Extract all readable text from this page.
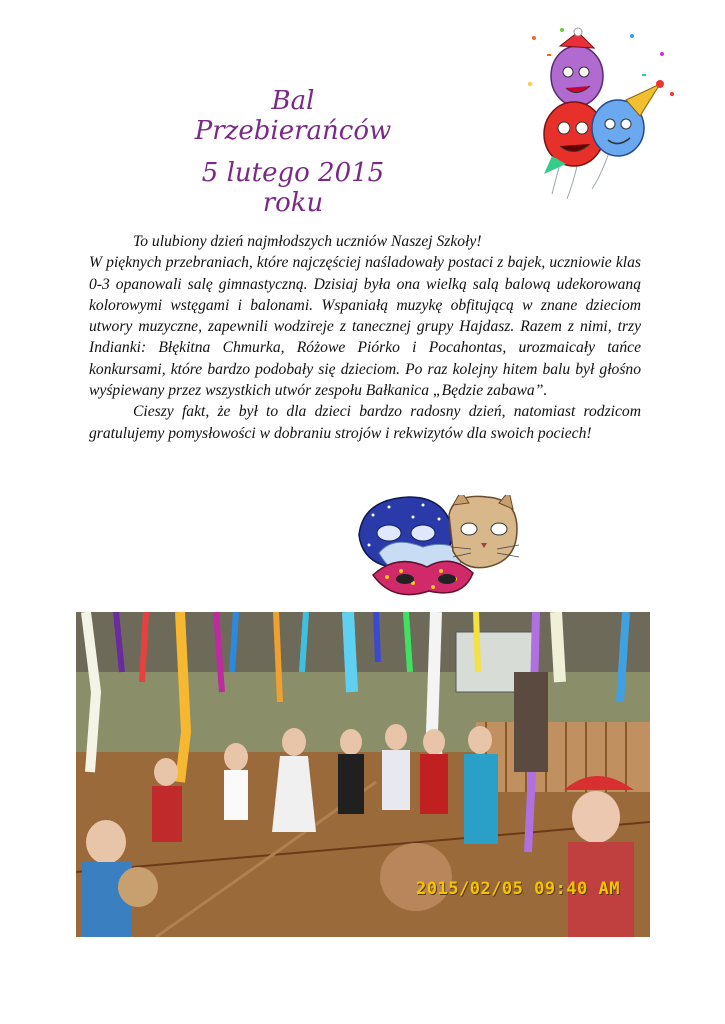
Bal Przebierańców
5 lutego 2015 roku

To ulubiony dzień najmłodszych uczniów Naszej Szkoły!

W pięknych przebraniach, które najczęściej naśladowały postaci z bajek, uczniowie klas 0-3 opanowali salę gimnastyczną. Dzisiaj była ona wielką salą balową udekorowaną kolorowymi wstęgami i balonami. Wspaniałą muzykę obfitującą w znane dzieciom utwory muzyczne, zapewnili wodzireje z tanecznej grupy Hajdasz. Razem z nimi, trzy Indianki: Błękitna Chmurka, Różowe Piórko i Pocahontas, urozmaicały tańce konkursami, które bardzo podobały się dzieciom. Po raz kolejny hitem balu był głośno wyśpiewany przez wszystkich utwór zespołu Bałkanica „Będzie zabawa”.

Cieszy fakt, że był to dla dzieci bardzo radosny dzień, natomiast rodzicom gratulujemy pomysłowości w dobraniu strojów i rekwizytów dla swoich pociech!

2015/02/05 09:40 AM
